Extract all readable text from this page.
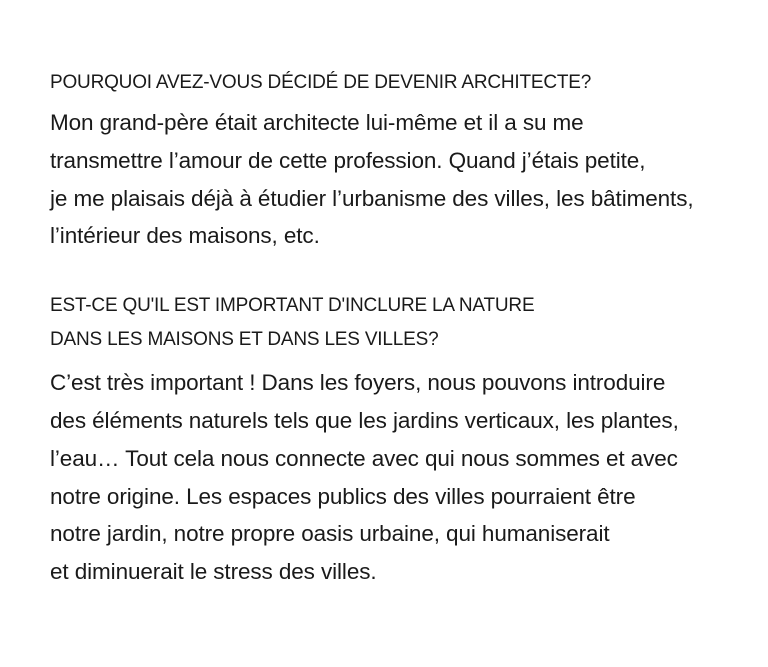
POURQUOI AVEZ-VOUS DÉCIDÉ DE DEVENIR ARCHITECTE?

Mon grand-père était architecte lui-même et il a su me
transmettre l’amour de cette profession. Quand j’étais petite,
je me plaisais déjà à étudier l’urbanisme des villes, les bâtiments,
l’intérieur des maisons, etc.

EST-CE QU'IL EST IMPORTANT D'INCLURE LA NATURE
DANS LES MAISONS ET DANS LES VILLES?

C’est très important ! Dans les foyers, nous pouvons introduire
des éléments naturels tels que les jardins verticaux, les plantes,
l’eau… Tout cela nous connecte avec qui nous sommes et avec
notre origine. Les espaces publics des villes pourraient être
notre jardin, notre propre oasis urbaine, qui humaniserait
et diminuerait le stress des villes.
